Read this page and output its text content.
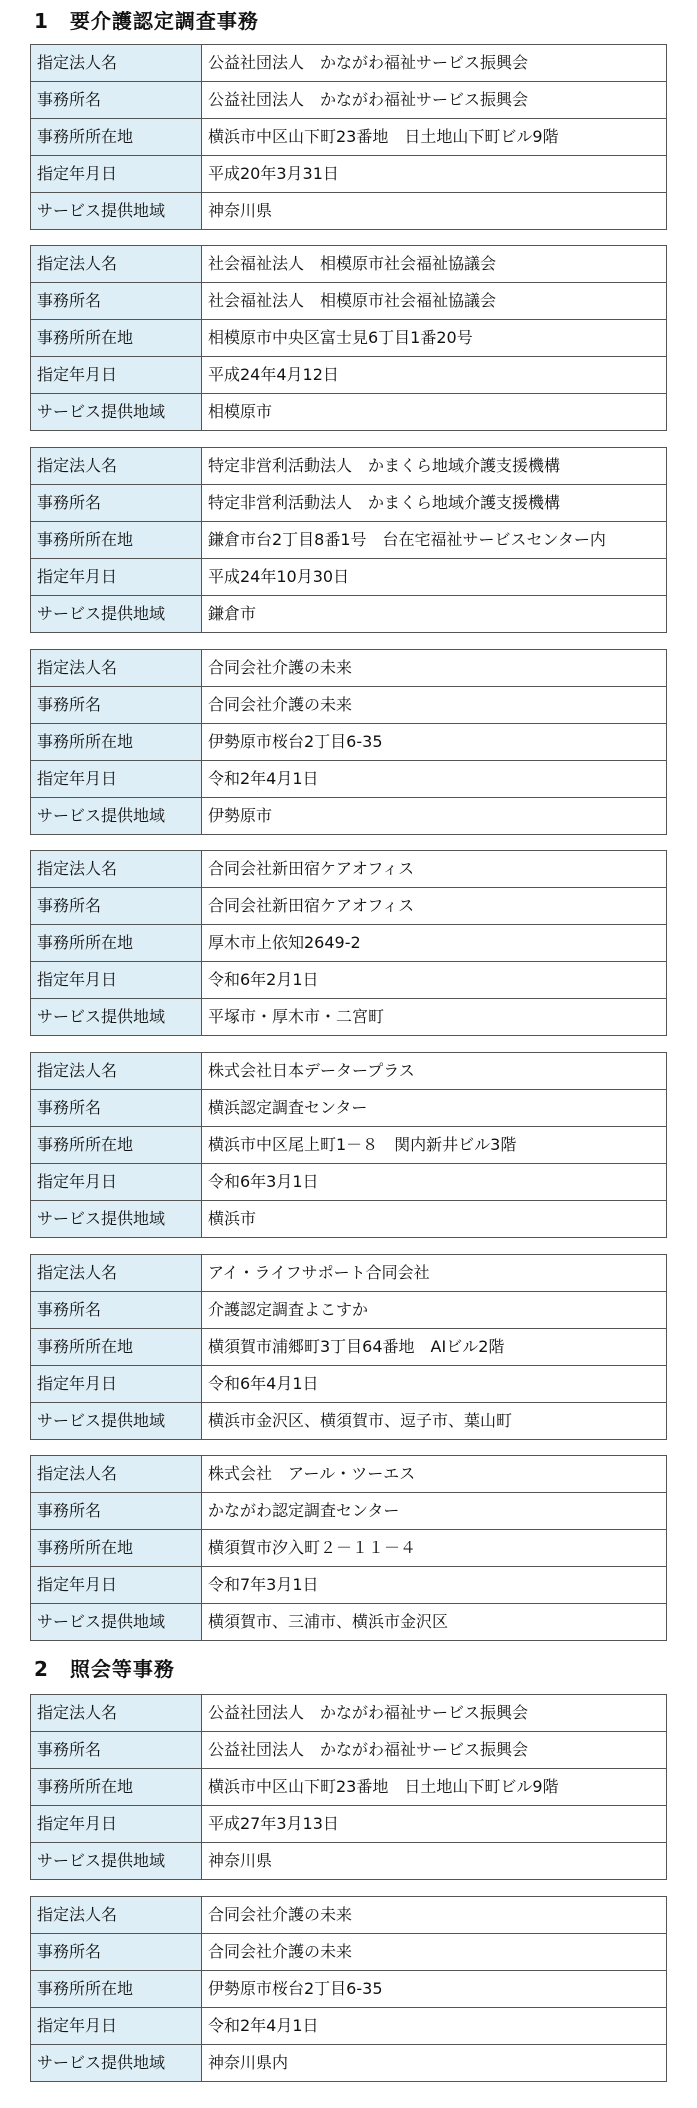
1　要介護認定調査事務
2　照会等事務
指定法人名	公益社団法人　かながわ福祉サービス振興会
事務所名	公益社団法人　かながわ福祉サービス振興会
事務所所在地	横浜市中区山下町23番地　日土地山下町ビル9階
指定年月日	平成20年3月31日
サービス提供地域	神奈川県
指定法人名	社会福祉法人　相模原市社会福祉協議会
事務所名	社会福祉法人　相模原市社会福祉協議会
事務所所在地	相模原市中央区富士見6丁目1番20号
指定年月日	平成24年4月12日
サービス提供地域	相模原市
指定法人名	特定非営利活動法人　かまくら地域介護支援機構
事務所名	特定非営利活動法人　かまくら地域介護支援機構
事務所所在地	鎌倉市台2丁目8番1号　台在宅福祉サービスセンター内
指定年月日	平成24年10月30日
サービス提供地域	鎌倉市
指定法人名	合同会社介護の未来
事務所名	合同会社介護の未来
事務所所在地	伊勢原市桜台2丁目6-35
指定年月日	令和2年4月1日
サービス提供地域	伊勢原市
指定法人名	合同会社新田宿ケアオフィス
事務所名	合同会社新田宿ケアオフィス
事務所所在地	厚木市上依知2649-2
指定年月日	令和6年2月1日
サービス提供地域	平塚市・厚木市・二宮町
指定法人名	株式会社日本データープラス
事務所名	横浜認定調査センター
事務所所在地	横浜市中区尾上町1－８　関内新井ビル3階
指定年月日	令和6年3月1日
サービス提供地域	横浜市
指定法人名	アイ・ライフサポート合同会社
事務所名	介護認定調査よこすか
事務所所在地	横須賀市浦郷町3丁目64番地　AIビル2階
指定年月日	令和6年4月1日
サービス提供地域	横浜市金沢区、横須賀市、逗子市、葉山町
指定法人名	株式会社　アール・ツーエス
事務所名	かながわ認定調査センター
事務所所在地	横須賀市汐入町２－１１－４
指定年月日	令和7年3月1日
サービス提供地域	横須賀市、三浦市、横浜市金沢区
指定法人名	公益社団法人　かながわ福祉サービス振興会
事務所名	公益社団法人　かながわ福祉サービス振興会
事務所所在地	横浜市中区山下町23番地　日土地山下町ビル9階
指定年月日	平成27年3月13日
サービス提供地域	神奈川県
指定法人名	合同会社介護の未来
事務所名	合同会社介護の未来
事務所所在地	伊勢原市桜台2丁目6-35
指定年月日	令和2年4月1日
サービス提供地域	神奈川県内
